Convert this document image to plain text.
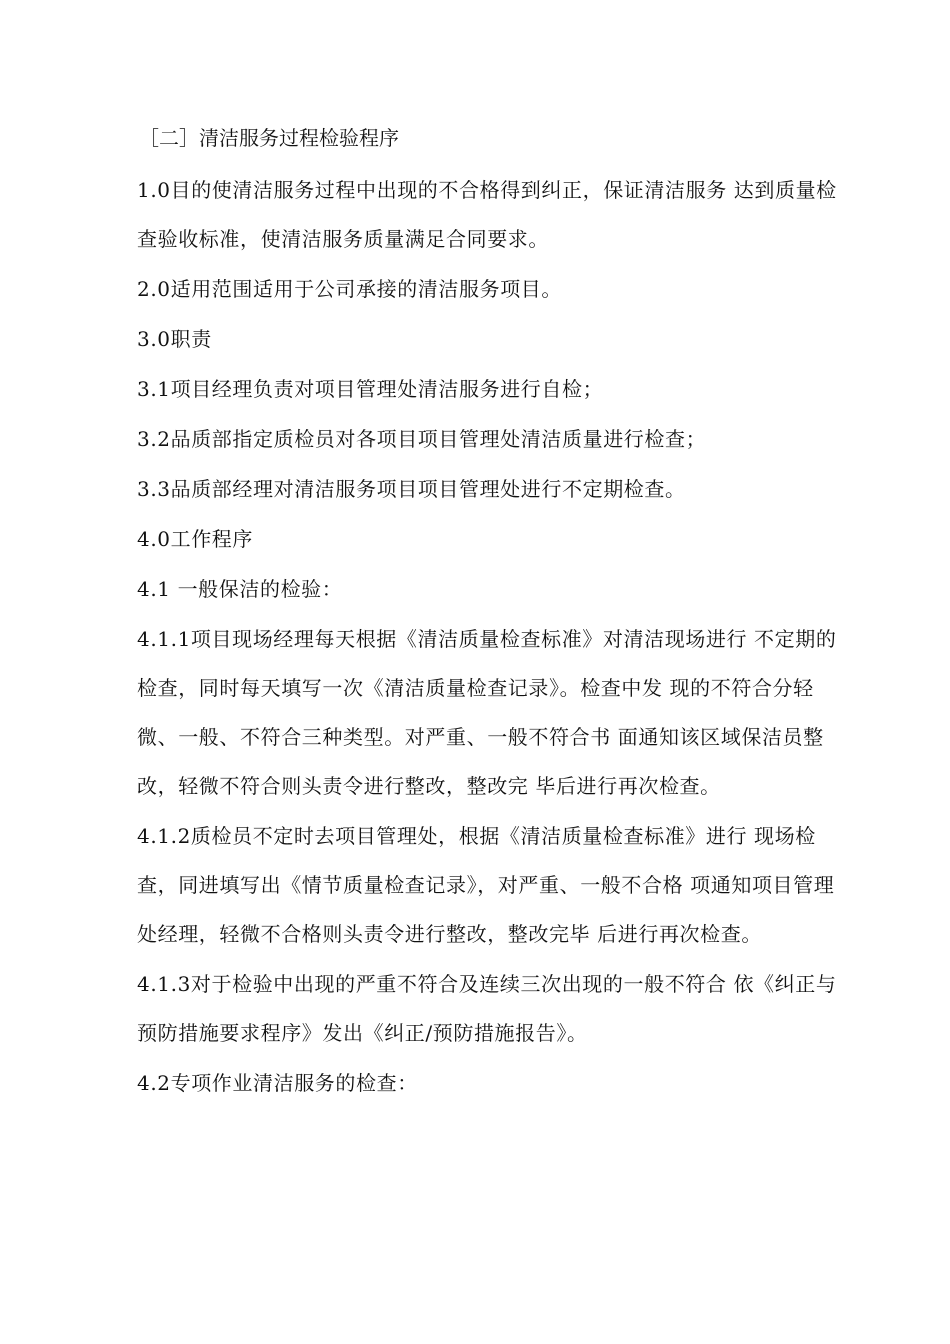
［二］清洁服务过程检验程序
1.0目的使清洁服务过程中出现的不合格得到纠正，保证清洁服务 达到质量检查验收标准，使清洁服务质量满足合同要求。
2.0适用范围适用于公司承接的清洁服务项目。
3.0职责
3.1项目经理负责对项目管理处清洁服务进行自检；
3.2品质部指定质检员对各项目项目管理处清洁质量进行检查；
3.3品质部经理对清洁服务项目项目管理处进行不定期检查。
4.0工作程序
4.1 一般保洁的检验：
4.1.1项目现场经理每天根据《清洁质量检查标准》对清洁现场进行 不定期的检查，同时每天填写一次《清洁质量检查记录》。检查中发 现的不符合分轻微、一般、不符合三种类型。对严重、一般不符合书 面通知该区域保洁员整改，轻微不符合则头责令进行整改，整改完 毕后进行再次检查。
4.1.2质检员不定时去项目管理处，根据《清洁质量检查标准》进行 现场检查，同进填写出《情节质量检查记录》，对严重、一般不合格 项通知项目管理处经理，轻微不合格则头责令进行整改，整改完毕 后进行再次检查。
4.1.3对于检验中出现的严重不符合及连续三次出现的一般不符合 依《纠正与预防措施要求程序》发出《纠正/预防措施报告》。
4.2专项作业清洁服务的检查：
